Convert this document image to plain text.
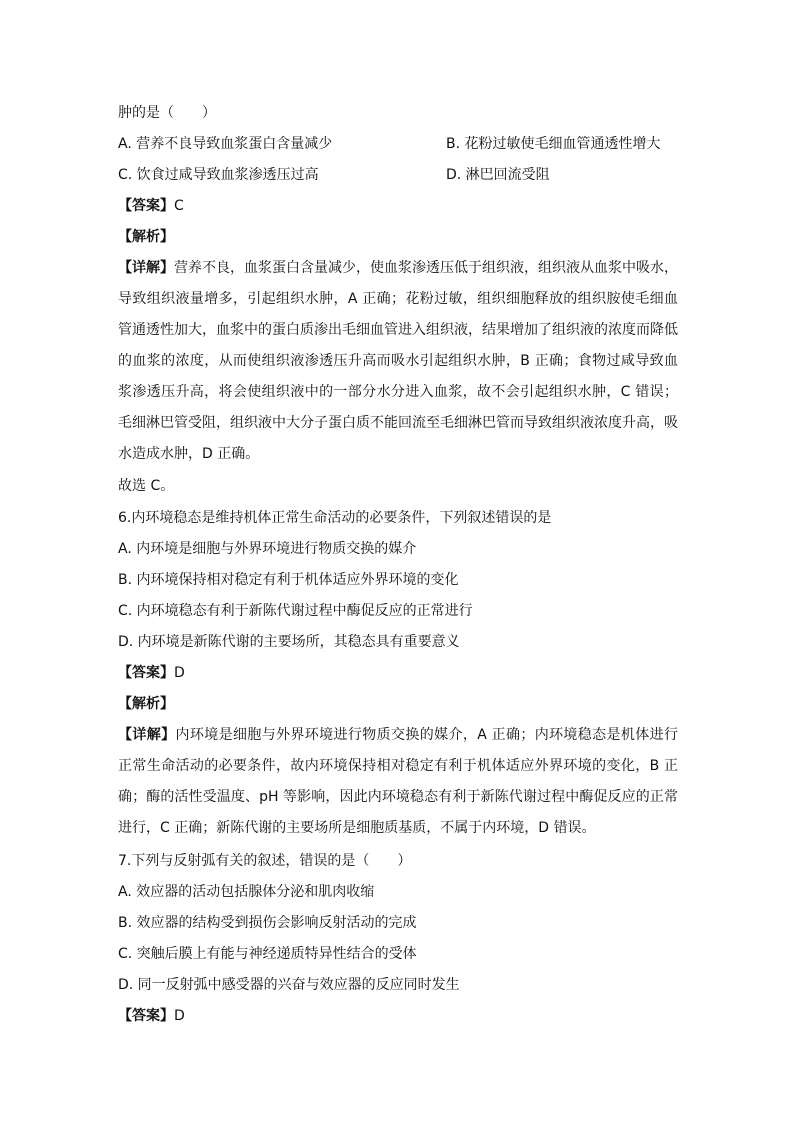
肿的是（　　）
A. 营养不良导致血浆蛋白含量减少	B. 花粉过敏使毛细血管通透性增大
C. 饮食过咸导致血浆渗透压过高	D. 淋巴回流受阻
【答案】C
【解析】
【详解】营养不良，血浆蛋白含量减少，使血浆渗透压低于组织液，组织液从血浆中吸水，导致组织液量增多，引起组织水肿，A 正确；花粉过敏，组织细胞释放的组织胺使毛细血管通透性加大，血浆中的蛋白质渗出毛细血管进入组织液，结果增加了组织液的浓度而降低的血浆的浓度，从而使组织液渗透压升高而吸水引起组织水肿，B 正确；食物过咸导致血浆渗透压升高，将会使组织液中的一部分水分进入血浆，故不会引起组织水肿，C 错误；毛细淋巴管受阻，组织液中大分子蛋白质不能回流至毛细淋巴管而导致组织液浓度升高，吸水造成水肿，D 正确。
故选 C。
6.内环境稳态是维持机体正常生命活动的必要条件，下列叙述错误的是
A. 内环境是细胞与外界环境进行物质交换的媒介
B. 内环境保持相对稳定有利于机体适应外界环境的变化
C. 内环境稳态有利于新陈代谢过程中酶促反应的正常进行
D. 内环境是新陈代谢的主要场所，其稳态具有重要意义
【答案】D
【解析】
【详解】内环境是细胞与外界环境进行物质交换的媒介，A 正确；内环境稳态是机体进行正常生命活动的必要条件，故内环境保持相对稳定有利于机体适应外界环境的变化，B 正确；酶的活性受温度、pH 等影响，因此内环境稳态有利于新陈代谢过程中酶促反应的正常进行，C 正确；新陈代谢的主要场所是细胞质基质，不属于内环境，D 错误。
7.下列与反射弧有关的叙述，错误的是（　　）
A. 效应器的活动包括腺体分泌和肌肉收缩
B. 效应器的结构受到损伤会影响反射活动的完成
C. 突触后膜上有能与神经递质特异性结合的受体
D. 同一反射弧中感受器的兴奋与效应器的反应同时发生
【答案】D
